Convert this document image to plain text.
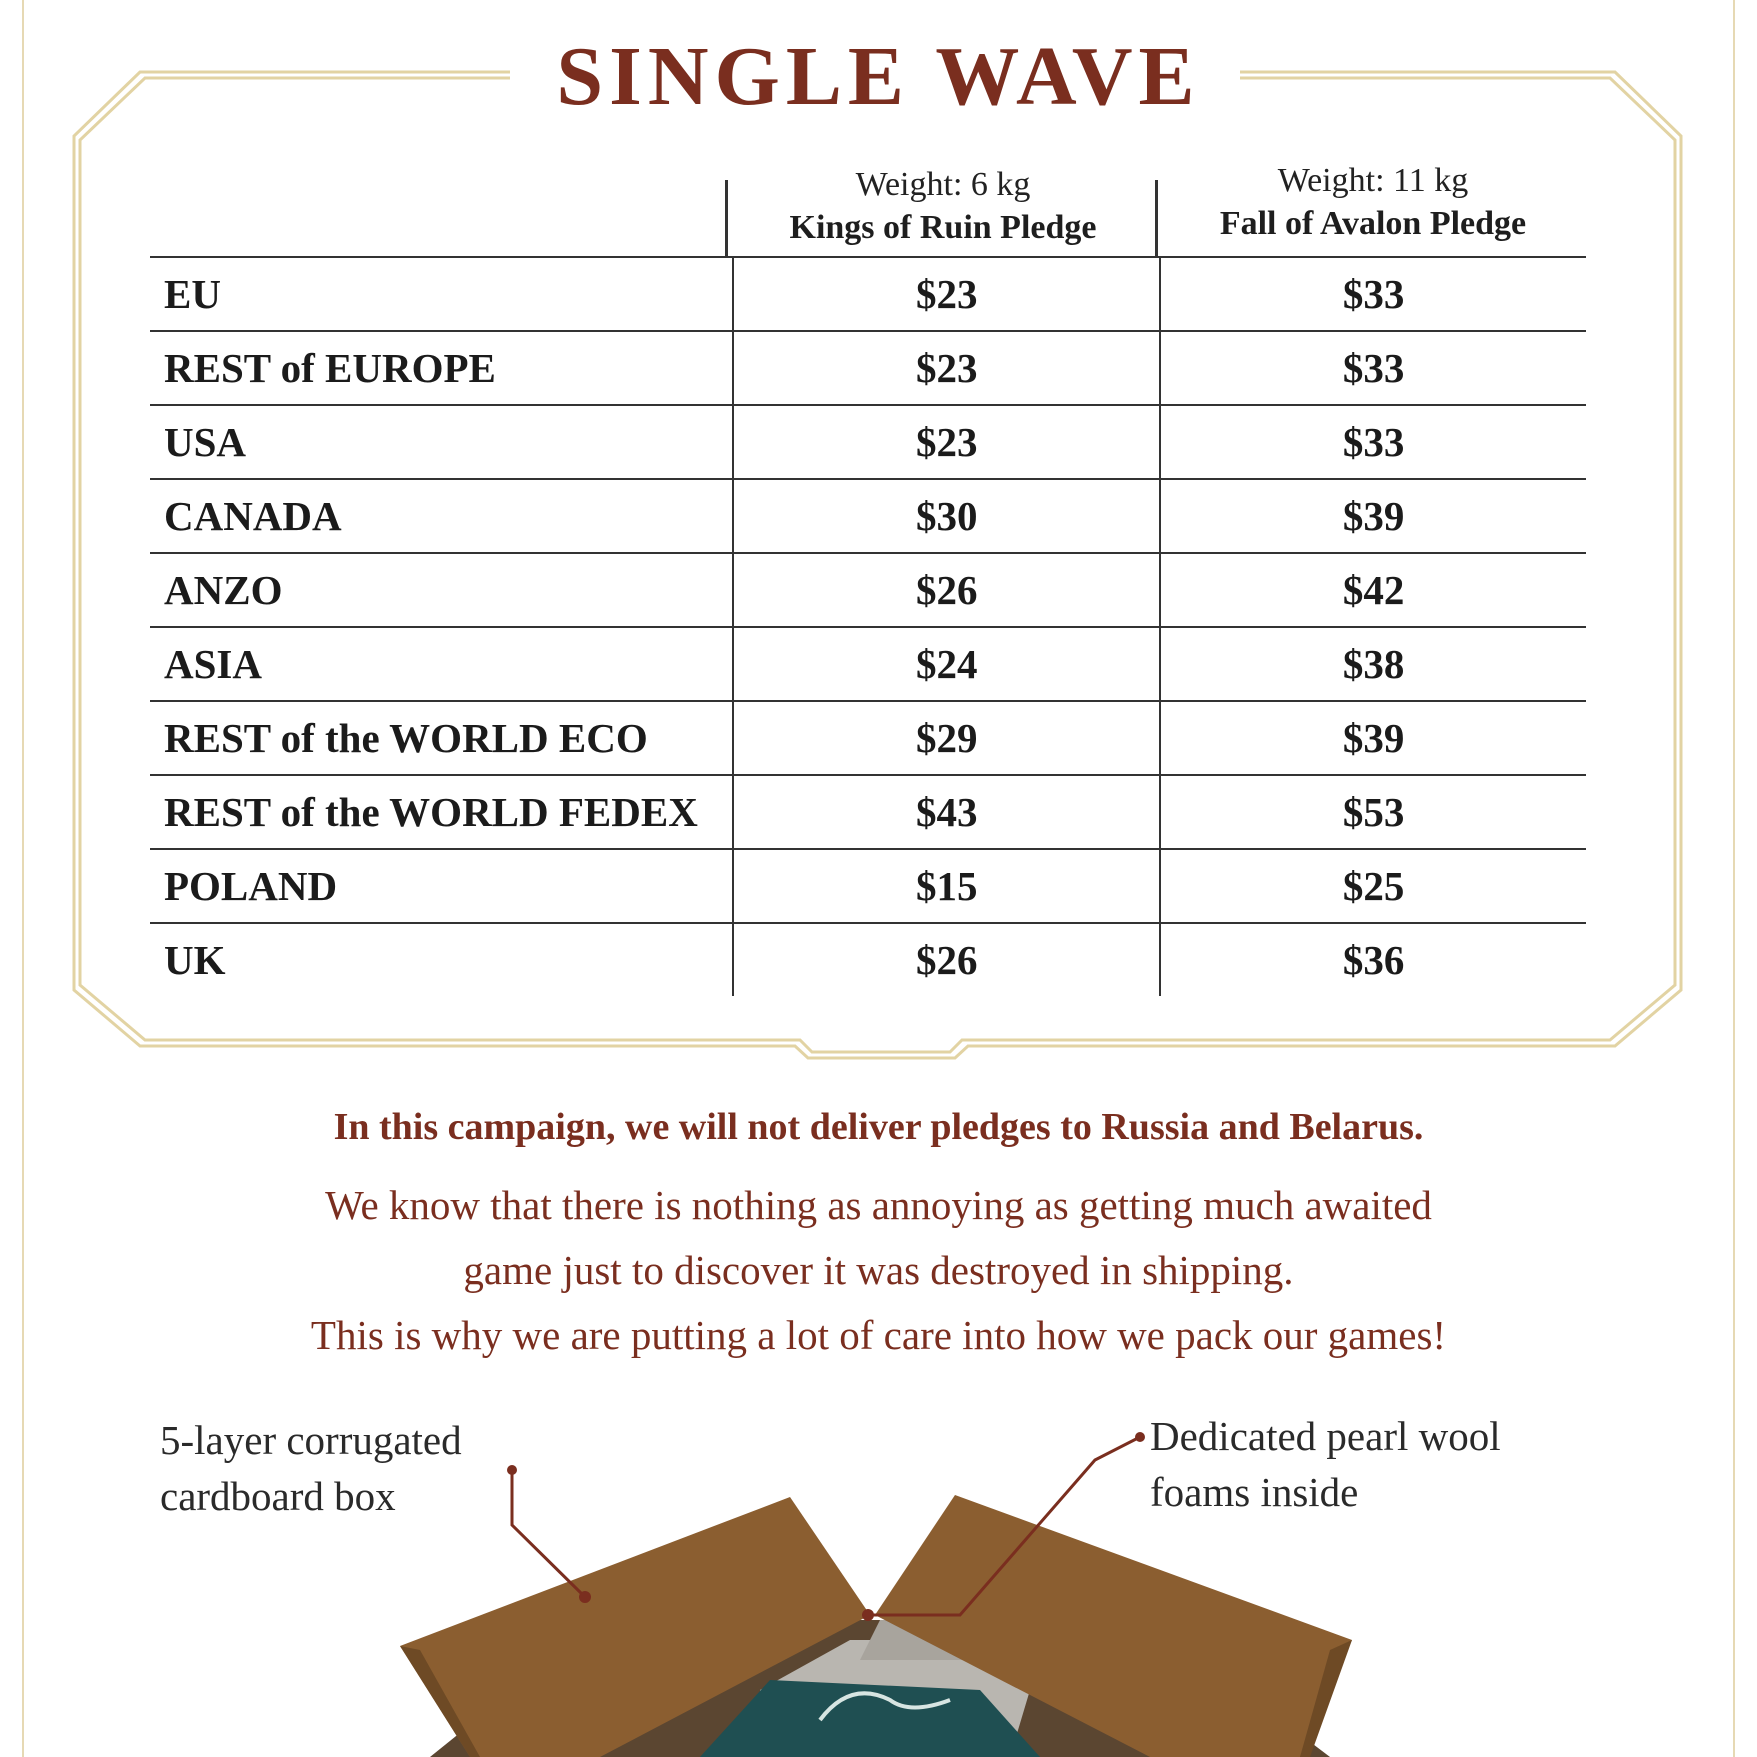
SINGLE WAVE
Weight: 6 kg
Kings of Ruin Pledge
Weight: 11 kg
Fall of Avalon Pledge
EU	$23	$33
REST of EUROPE	$23	$33
USA	$23	$33
CANADA	$30	$39
ANZO	$26	$42
ASIA	$24	$38
REST of the WORLD ECO	$29	$39
REST of the WORLD FEDEX	$43	$53
POLAND	$15	$25
UK	$26	$36
In this campaign, we will not deliver pledges to Russia and Belarus.
We know that there is nothing as annoying as getting much awaited
game just to discover it was destroyed in shipping.
This is why we are putting a lot of care into how we pack our games!
5-layer corrugated
cardboard box
Dedicated pearl wool
foams inside
